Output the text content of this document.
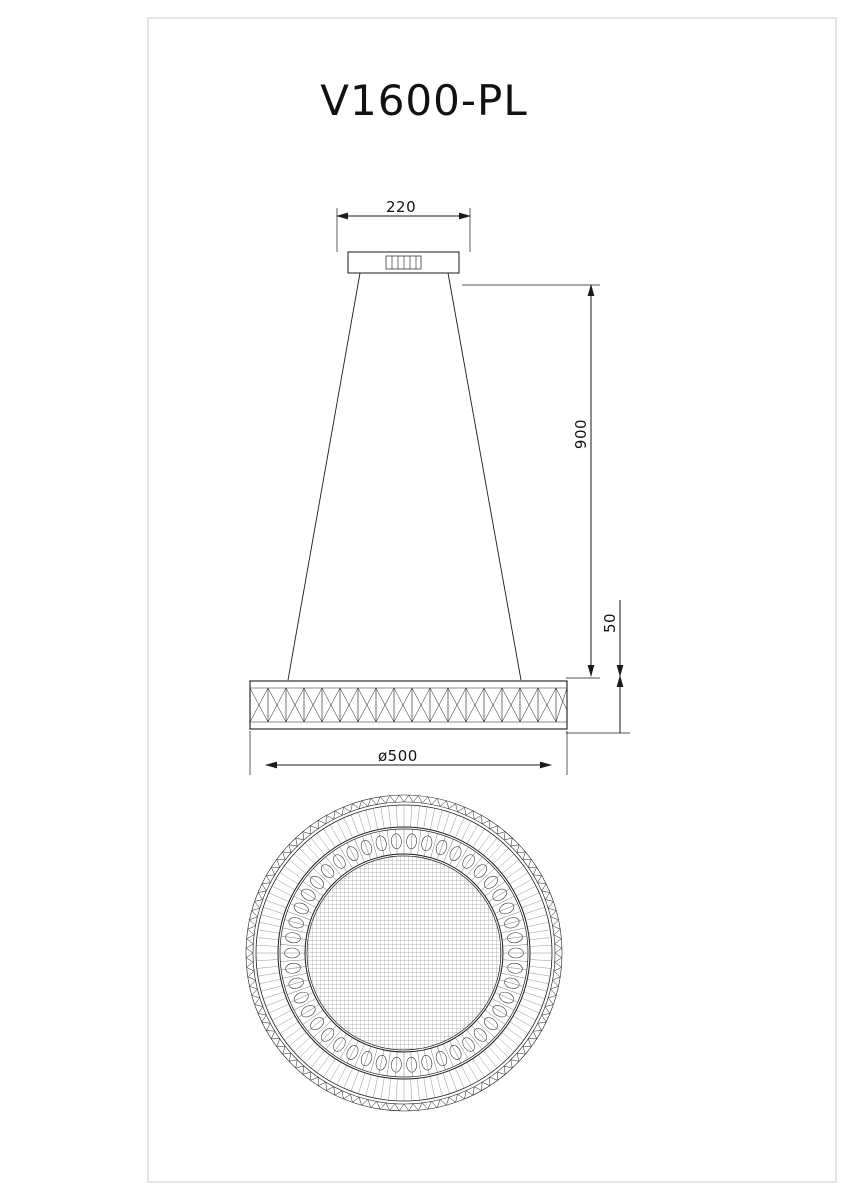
V1600-PL
220
900
50
ø500
